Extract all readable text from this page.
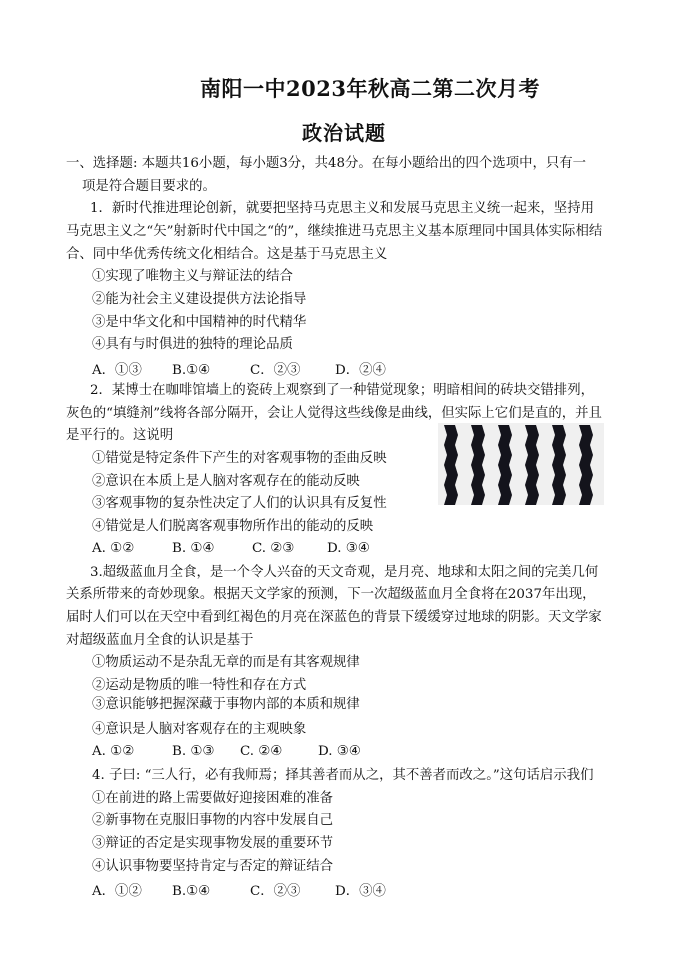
南阳一中2023年秋高二第二次月考
政治试题
一、选择题: 本题共16小题，每小题3分，共48分。在每小题给出的四个选项中，只有一
项是符合题目要求的。
1．新时代推进理论创新，就要把坚持马克思主义和发展马克思主义统一起来，坚持用
马克思主义之“矢”射新时代中国之“的”，继续推进马克思主义基本原理同中国具体实际相结
合、同中华优秀传统文化相结合。这是基于马克思主义
①实现了唯物主义与辩证法的结合
②能为社会主义建设提供方法论指导
③是中华文化和中国精神的时代精华
④具有与时俱进的独特的理论品质
A．①③ B.①④	C．②③	D．②④
2．某博士在咖啡馆墙上的瓷砖上观察到了一种错觉现象；明暗相间的砖块交错排列，
灰色的“填缝剂”线将各部分隔开，会让人觉得这些线像是曲线，但实际上它们是直的，并且
是平行的。这说明
①错觉是特定条件下产生的对客观事物的歪曲反映
②意识在本质上是人脑对客观存在的能动反映
③客观事物的复杂性决定了人们的认识具有反复性
④错觉是人们脱离客观事物所作出的能动的反映
A. ①②	B. ①④	C. ②③ D. ③④
3.超级蓝血月全食，是一个令人兴奋的天文奇观，是月亮、地球和太阳之间的完美几何
关系所带来的奇妙现象。根据天文学家的预测，下一次超级蓝血月全食将在2037年出现，
届时人们可以在天空中看到红褐色的月亮在深蓝色的背景下缓缓穿过地球的阴影。天文学家
对超级蓝血月全食的认识是基于
①物质运动不是杂乱无章的而是有其客观规律
②运动是物质的唯一特性和存在方式
③意识能够把握深藏于事物内部的本质和规律
④意识是人脑对客观存在的主观映象
A. ①②	B. ①③ C. ②④	D. ③④
4. 子曰: “三人行，必有我师焉；择其善者而从之，其不善者而改之。”这句话启示我们
①在前进的路上需要做好迎接困难的准备
②新事物在克服旧事物的内容中发展自己
③辩证的否定是实现事物发展的重要环节
④认识事物要坚持肯定与否定的辩证结合
A．①② B.①④	C．②③	D．③④
